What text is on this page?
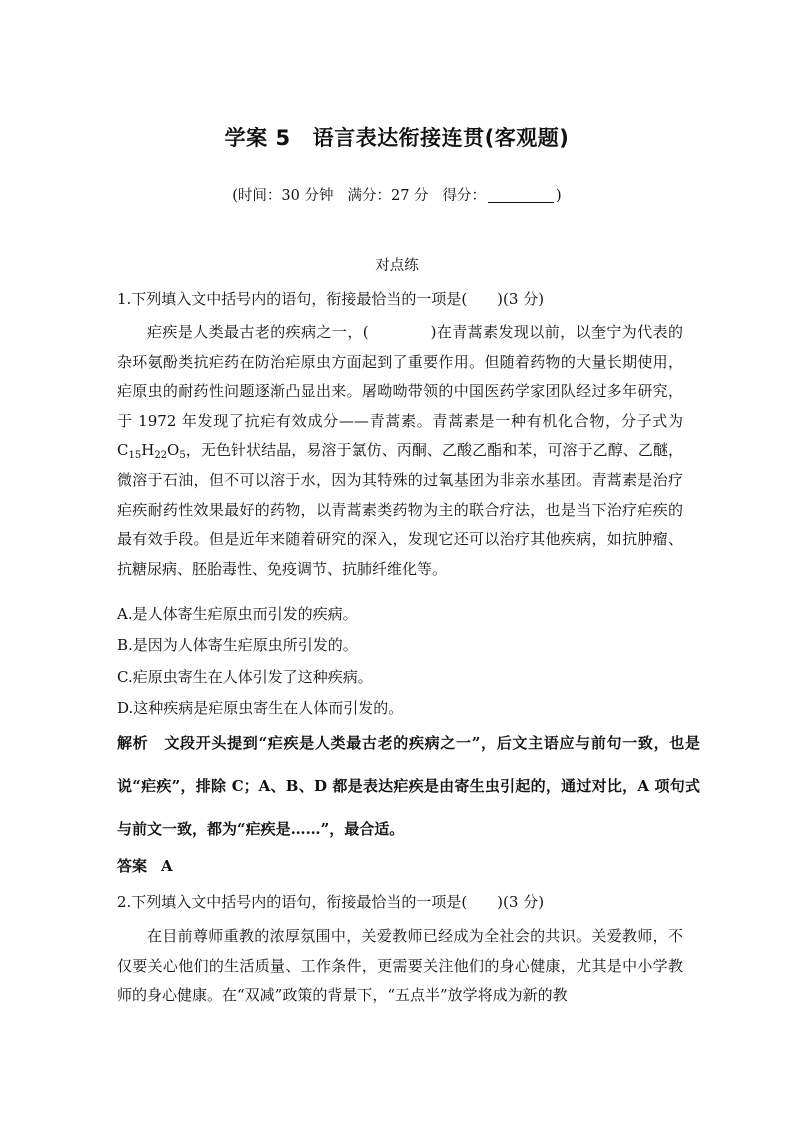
学案 5 语言表达衔接连贯(客观题)
(时间：30 分钟 满分：27 分 得分：	)
对点练
1.下列填入文中括号内的语句，衔接最恰当的一项是( )(3 分)
疟疾是人类最古老的疾病之一，(	)在青蒿素发现以前，以奎宁为代表的杂环氨酚类抗疟药在防治疟原虫方面起到了重要作用。但随着药物的大量长期使用，疟原虫的耐药性问题逐渐凸显出来。屠呦呦带领的中国医药学家团队经过多年研究，于 1972 年发现了抗疟有效成分——青蒿素。青蒿素是一种有机化合物，分子式为 $C_{15}H_{22}O_5$，无色针状结晶，易溶于氯仿、丙酮、乙酸乙酯和苯，可溶于乙醇、乙醚，微溶于石油，但不可以溶于水，因为其特殊的过氧基团为非亲水基团。青蒿素是治疗疟疾耐药性效果最好的药物，以青蒿素类药物为主的联合疗法，也是当下治疗疟疾的最有效手段。但是近年来随着研究的深入，发现它还可以治疗其他疾病，如抗肿瘤、抗糖尿病、胚胎毒性、免疫调节、抗肺纤维化等。
A.是人体寄生疟原虫而引发的疾病。
B.是因为人体寄生疟原虫所引发的。
C.疟原虫寄生在人体引发了这种疾病。
D.这种疾病是疟原虫寄生在人体而引发的。
解析 文段开头提到“疟疾是人类最古老的疾病之一”，后文主语应与前句一致，也是说“疟疾”，排除 C；A、B、D 都是表达疟疾是由寄生虫引起的，通过对比，A 项句式与前文一致，都为“疟疾是……”，最合适。
答案 A
2.下列填入文中括号内的语句，衔接最恰当的一项是( )(3 分)
在目前尊师重教的浓厚氛围中，关爱教师已经成为全社会的共识。关爱教师，不仅要关心他们的生活质量、工作条件，更需要关注他们的身心健康，尤其是中小学教师的身心健康。在“双减”政策的背景下，“五点半”放学将成为新的教
